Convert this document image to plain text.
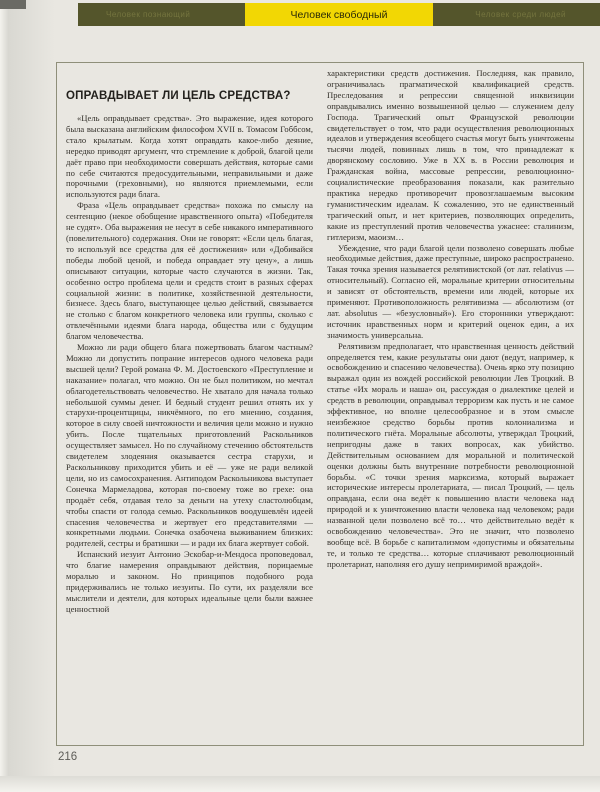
Человек познающий	Человек свободный	Человек среди людей
ОПРАВДЫВАЕТ ЛИ ЦЕЛЬ СРЕДСТВА?

«Цель оправдывает средства». Это выражение, идея которого была высказана английским философом XVII в. Томасом Гоббсом, стало крылатым. Когда хотят оправдать какое-либо деяние, нередко приводят аргумент, что стремление к доброй, благой цели даёт право при необходимости совершать действия, которые сами по себе считаются предосудительными, неправильными и даже порочными (греховными), но являются приемлемыми, если используются ради блага.

Фраза «Цель оправдывает средства» похожа по смыслу на сентенцию (некое обобщение нравственного опыта) «Победителя не судят». Оба выражения не несут в себе никакого императивного (повелительного) содержания. Они не говорят: «Если цель благая, то используй все средства для её достижения» или «Добивайся победы любой ценой, и победа оправдает эту цену», а лишь описывают ситуации, которые часто случаются в жизни. Так, особенно остро проблема цели и средств стоит в разных сферах социальной жизни: в политике, хозяйственной деятельности, бизнесе. Здесь благо, выступающее целью действий, связывается не столько с благом конкретного человека или группы, сколько с отвлечёнными идеями блага народа, общества или с будущим благом человечества.

Можно ли ради общего блага пожертвовать благом частным? Можно ли допустить попрание интересов одного человека ради высшей цели? Герой романа Ф. М. Достоевского «Преступление и наказание» полагал, что можно. Он не был политиком, но мечтал облагодетельствовать человечество. Не хватало для начала только небольшой суммы денег. И бедный студент решил отнять их у старухи-процентщицы, никчёмного, по его мнению, создания, которое в силу своей ничтожности и величия цели можно и нужно убить. После тщательных приготовлений Раскольников осуществляет замысел. Но по случайному стечению обстоятельств свидетелем злодеяния оказывается сестра старухи, и Раскольникову приходится убить и её — уже не ради великой цели, но из самосохранения. Антиподом Раскольникова выступает Сонечка Мармеладова, которая по-своему тоже во грехе: она продаёт себя, отдавая тело за деньги на утеху сластолюбцам, чтобы спасти от голода семью. Раскольников воодушевлён идеей спасения человечества и жертвует его представителями — конкретными людьми. Сонечка озабочена выживанием близких: родителей, сестры и братишки — и ради их блага жертвует собой.

Испанский иезуит Антонио Эскобар-и-Мендоса проповедовал, что благие намерения оправдывают действия, порицаемые моралью и законом. Но принципов подобного рода придерживались не только иезуиты. По сути, их разделяли все мыслители и деятели, для которых идеальные цели были важнее ценностной

характеристики средств достижения. Последняя, как правило, ограничивалась прагматической квалификацией средств. Преследования и репрессии священной инквизиции оправдывались именно возвышенной целью — служением делу Господа. Трагический опыт Французской революции свидетельствует о том, что ради осуществления революционных идеалов и утверждения всеобщего счастья могут быть уничтожены тысячи людей, повинных лишь в том, что принадлежат к дворянскому сословию. Уже в XX в. в России революция и Гражданская война, массовые репрессии, революционно-социалистические преобразования показали, как разительно практика нередко противоречит провозглашаемым высоким гуманистическим идеалам. К сожалению, это не единственный трагический опыт, и нет критериев, позволяющих определить, какие из преступлений против человечества ужаснее: сталинизм, гитлеризм, маоизм…

Убеждение, что ради благой цели позволено совершать любые необходимые действия, даже преступные, широко распространено. Такая точка зрения называется релятивистской (от лат. relativus — относительный). Согласно ей, моральные критерии относительны и зависят от обстоятельств, времени или людей, которые их применяют. Противоположность релятивизма — абсолютизм (от лат. absolutus — «безусловный»). Его сторонники утверждают: источник нравственных норм и критерий оценок един, а их значимость универсальна.

Релятивизм предполагает, что нравственная ценность действий определяется тем, какие результаты они дают (ведут, например, к освобождению и спасению человечества). Очень ярко эту позицию выражал один из вождей российской революции Лев Троцкий. В статье «Их мораль и наша» он, рассуждая о диалектике целей и средств в революции, оправдывал терроризм как пусть и не самое эффективное, но вполне целесообразное и в этом смысле неизбежное средство борьбы против колониализма и политического гнёта. Моральные абсолюты, утверждал Троцкий, непригодны даже в таких вопросах, как убийство. Действительным основанием для моральной и политической оценки должны быть внутренние потребности революционной борьбы. «С точки зрения марксизма, который выражает исторические интересы пролетариата, — писал Троцкий, — цель оправдана, если она ведёт к повышению власти человека над природой и к уничтожению власти человека над человеком; ради названной цели позволено всё то… что действительно ведёт к освобождению человечества». Это не значит, что позволено вообще всё. В борьбе с капитализмом «допустимы и обязательны те, и только те средства… которые сплачивают революционный пролетариат, наполняя его душу непримиримой враждой».

216
